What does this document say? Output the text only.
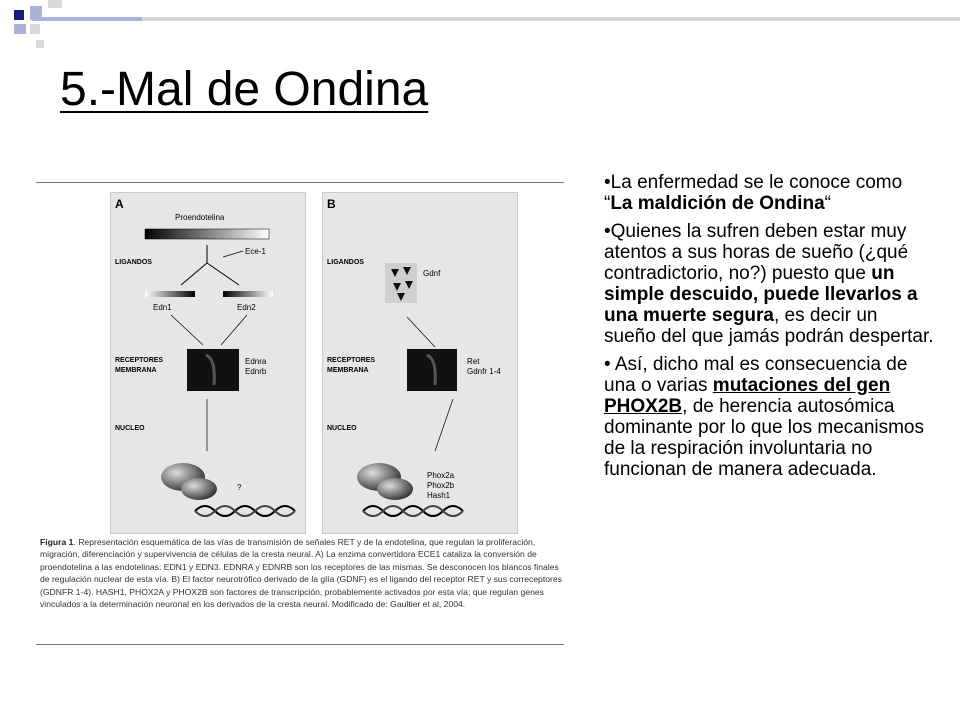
5.-Mal de Ondina
A
Proendotelina
LIGANDOS
Ece-1
Edn1	Edn2
RECEPTORES
MEMBRANA
Ednra
Ednrb
NUCLEO
?
B
LIGANDOS
Gdnf
RECEPTORES
MEMBRANA
Ret
Gdnfr 1-4
NUCLEO
Phox2a
Phox2b
Hash1

Figura 1. Representación esquemática de las vías de transmisión de señales RET y de la endotelina, que regulan la proliferación, migración, diferenciación y supervivencia de células de la cresta neural. A) La enzima convertidora ECE1 cataliza la conversión de proendotelina a las endotelinas: EDN1 y EDN3. EDNRA y EDNRB son los receptores de las mismas. Se desconocen los blancos finales de regulación nuclear de esta vía. B) El factor neurotrófico derivado de la glía (GDNF) es el ligando del receptor RET y sus correceptores (GDNFR 1-4). HASH1, PHOX2A y PHOX2B son factores de transcripción, probablemente activados por esta vía; que regulan genes vinculados a la determinación neuronal en los derivados de la cresta neural. Modificado de: Gaultier et al, 2004.

•La enfermedad se le conoce como “La maldición de Ondina“

•Quienes la sufren deben estar muy atentos a sus horas de sueño (¿qué contradictorio, no?) puesto que un simple descuido, puede llevarlos a una muerte segura, es decir un sueño del que jamás podrán despertar.

• Así, dicho mal es consecuencia de una o varias mutaciones del gen PHOX2B, de herencia autosómica dominante por lo que los mecanismos de la respiración involuntaria no funcionan de manera adecuada.
